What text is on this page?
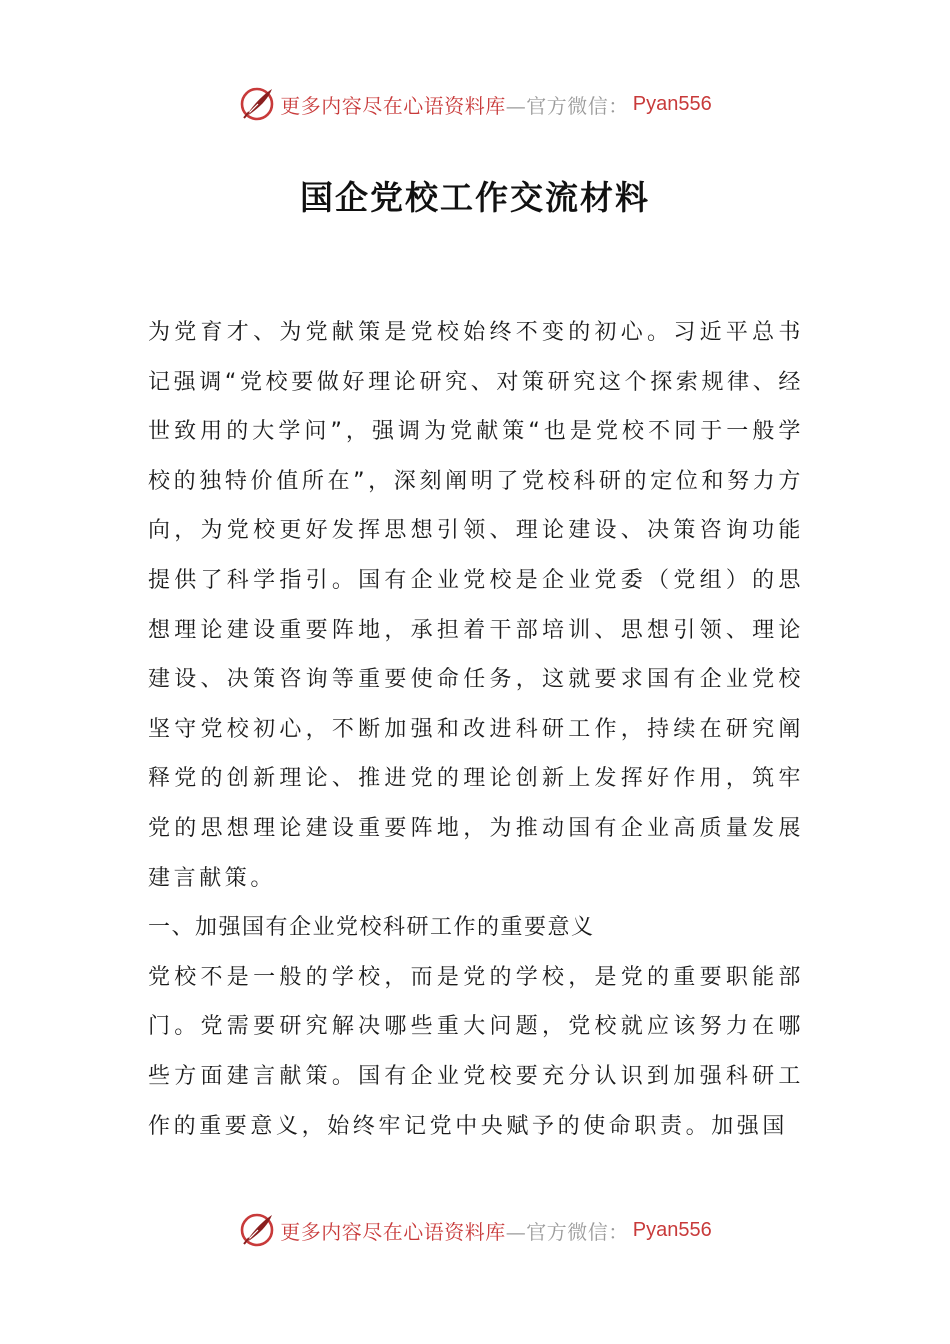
更多内容尽在心语资料库 —官方微信： Pyan556
国企党校工作交流材料

为党育才、为党献策是党校始终不变的初心。习近平总书记强调“党校要做好理论研究、对策研究这个探索规律、经世致用的大学问”，强调为党献策“也是党校不同于一般学校的独特价值所在”，深刻阐明了党校科研的定位和努力方向，为党校更好发挥思想引领、理论建设、决策咨询功能提供了科学指引。国有企业党校是企业党委（党组）的思想理论建设重要阵地，承担着干部培训、思想引领、理论建设、决策咨询等重要使命任务，这就要求国有企业党校坚守党校初心，不断加强和改进科研工作，持续在研究阐释党的创新理论、推进党的理论创新上发挥好作用，筑牢党的思想理论建设重要阵地，为推动国有企业高质量发展建言献策。

一、加强国有企业党校科研工作的重要意义

党校不是一般的学校，而是党的学校，是党的重要职能部门。党需要研究解决哪些重大问题，党校就应该努力在哪些方面建言献策。国有企业党校要充分认识到加强科研工作的重要意义，始终牢记党中央赋予的使命职责。加强国

更多内容尽在心语资料库 —官方微信： Pyan556
